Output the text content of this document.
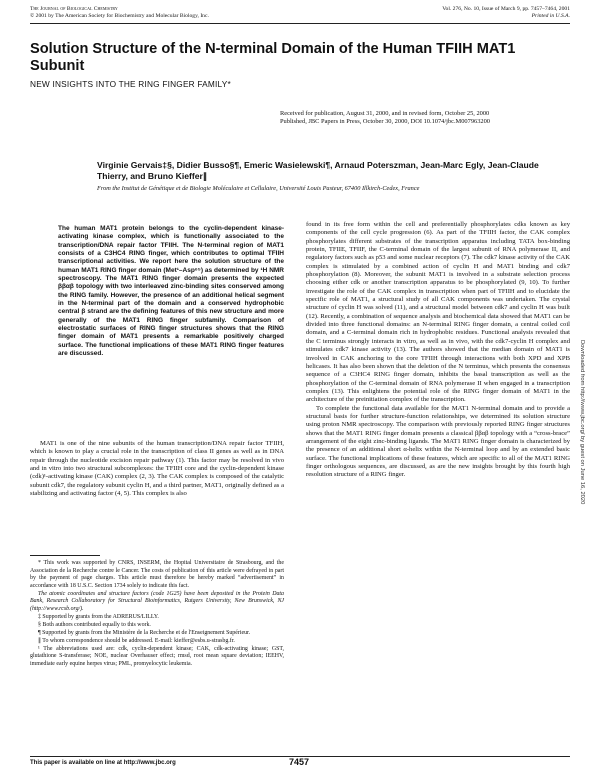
The Journal of Biological Chemistry
© 2001 by The American Society for Biochemistry and Molecular Biology, Inc.
Vol. 276, No. 10, Issue of March 9, pp. 7457–7464, 2001
Printed in U.S.A.
Solution Structure of the N-terminal Domain of the Human TFIIH MAT1 Subunit
NEW INSIGHTS INTO THE RING FINGER FAMILY*
Received for publication, August 31, 2000, and in revised form, October 25, 2000
Published, JBC Papers in Press, October 30, 2000, DOI 10.1074/jbc.M007963200
Virginie Gervais‡§, Didier Busso§¶, Emeric Wasielewski¶, Arnaud Poterszman, Jean-Marc Egly, Jean-Claude Thierry, and Bruno Kieffer∥
From the Institut de Génétique et de Biologie Moléculaire et Cellulaire, Université Louis Pasteur, 67400 Illkirch-Cedex, France
The human MAT1 protein belongs to the cyclin-dependent kinase-activating kinase complex, which is functionally associated to the transcription/DNA repair factor TFIIH. The N-terminal region of MAT1 consists of a C3HC4 RING finger, which contributes to optimal TFIIH transcriptional activities. We report here the solution structure of the human MAT1 RING finger domain (Met¹–Asp⁶⁵) as determined by ¹H NMR spectroscopy. The MAT1 RING finger domain presents the expected ββαβ topology with two interleaved zinc-binding sites conserved among the RING family. However, the presence of an additional helical segment in the N-terminal part of the domain and a conserved hydrophobic central β strand are the defining features of this new structure and more generally of the MAT1 RING finger subfamily. Comparison of electrostatic surfaces of RING finger structures shows that the RING finger domain of MAT1 presents a remarkable positively charged surface. The functional implications of these MAT1 RING finger features are discussed.
MAT1 is one of the nine subunits of the human transcription/DNA repair factor TFIIH, which is known to play a crucial role in the transcription of class II genes as well as in DNA repair through the nucleotide excision repair pathway (1). This factor may be resolved in vivo and in vitro into two structural subcomplexes: the TFIIH core and the cyclin-dependent kinase (cdk)¹-activating kinase (CAK) complex (2, 3). The CAK complex is composed of the catalytic subunit cdk7, the regulatory subunit cyclin H, and a third partner, MAT1, originally defined as a stabilizing and activating factor (4, 5). This complex is also

* This work was supported by CNRS, INSERM, the Hopital Universitaire de Strasbourg, and the Association de la Recherche contre le Cancer. The costs of publication of this article were defrayed in part by the payment of page charges. This article must therefore be hereby marked “advertisement” in accordance with 18 U.S.C. Section 1734 solely to indicate this fact.

The atomic coordinates and structure factors (code 1G25) have been deposited in the Protein Data Bank, Research Collaboratory for Structural Bioinformatics, Rutgers University, New Brunswick, NJ (http://www.rcsb.org/).

‡ Supported by grants from the ADRERUS/LILLY.

§ Both authors contributed equally to this work.

¶ Supported by grants from the Ministère de la Recherche et de l'Enseignement Supérieur.

∥ To whom correspondence should be addressed. E-mail: kieffer@esbs.u-strasbg.fr.

¹ The abbreviations used are: cdk, cyclin-dependent kinase; CAK, cdk-activating kinase; GST, glutathione S-transferase; NOE, nuclear Overhauser effect; rmsd, root mean square deviation; IEEHV, immediate early equine herpes virus; PML, promyelocytic leukemia.

found in its free form within the cell and preferentially phosphorylates cdks known as key components of the cell cycle progression (6). As part of the TFIIH factor, the CAK complex phosphorylates different substrates of the transcription apparatus including TATA box-binding protein, TFIIE, TFIIF, the C-terminal domain of the largest subunit of RNA polymerase II, and regulatory factors such as p53 and some nuclear receptors (7). The cdk7 kinase activity of the CAK complex is stimulated by a combined action of cyclin H and MAT1 binding and cdk7 phosphorylation (8). Moreover, the subunit MAT1 is involved in a substrate selection process choosing either cdk or another transcription apparatus to be phosphorylated (9, 10). To further investigate the role of the CAK complex in transcription when part of TFIIH and to elucidate the specific role of MAT1, a structural study of all CAK components was undertaken. The crystal structure of cyclin H was solved (11), and a structural model between cdk7 and cyclin H was built (12). Recently, a combination of sequence analysis and biochemical data showed that MAT1 can be divided into three functional domains: an N-terminal RING finger domain, a central coiled coil domain, and a C-terminal domain rich in hydrophobic residues. Functional analysis revealed that the C terminus strongly interacts in vitro, as well as in vivo, with the cdk7-cyclin H complex and stimulates cdk7 kinase activity (13). The authors showed that the median domain of MAT1 is involved in CAK anchoring to the core TFIIH through interactions with both XPD and XPB helicases. It has also been shown that the deletion of the N terminus, which presents the consensus sequence of a C3HC4 RING finger domain, inhibits the basal transcription as well as the phosphorylation of the C-terminal domain of RNA polymerase II when engaged in a transcription complex (13). This enlightens the potential role of the RING finger domain of MAT1 in the architecture of the preinitiation complex of the transcription.

To complete the functional data available for the MAT1 N-terminal domain and to provide a structural basis for further structure-function relationships, we determined its solution structure using proton NMR spectroscopy. The comparison with previously reported RING finger structures shows that the MAT1 RING finger domain presents a classical ββαβ topology with a “cross-brace” arrangement of the eight zinc-binding ligands. The MAT1 RING finger domain is characterized by the presence of an additional short α-helix within the N-terminal loop and by an extended basic surface. The functional implications of these features, which are specific to all of the MAT1 RING finger orthologous sequences, are discussed, as are the new insights brought by this fourth high resolution structure of a RING finger.	Downloaded from http://www.jbc.org/ by guest on June 16, 2020
This paper is available on line at http://www.jbc.org	7457
